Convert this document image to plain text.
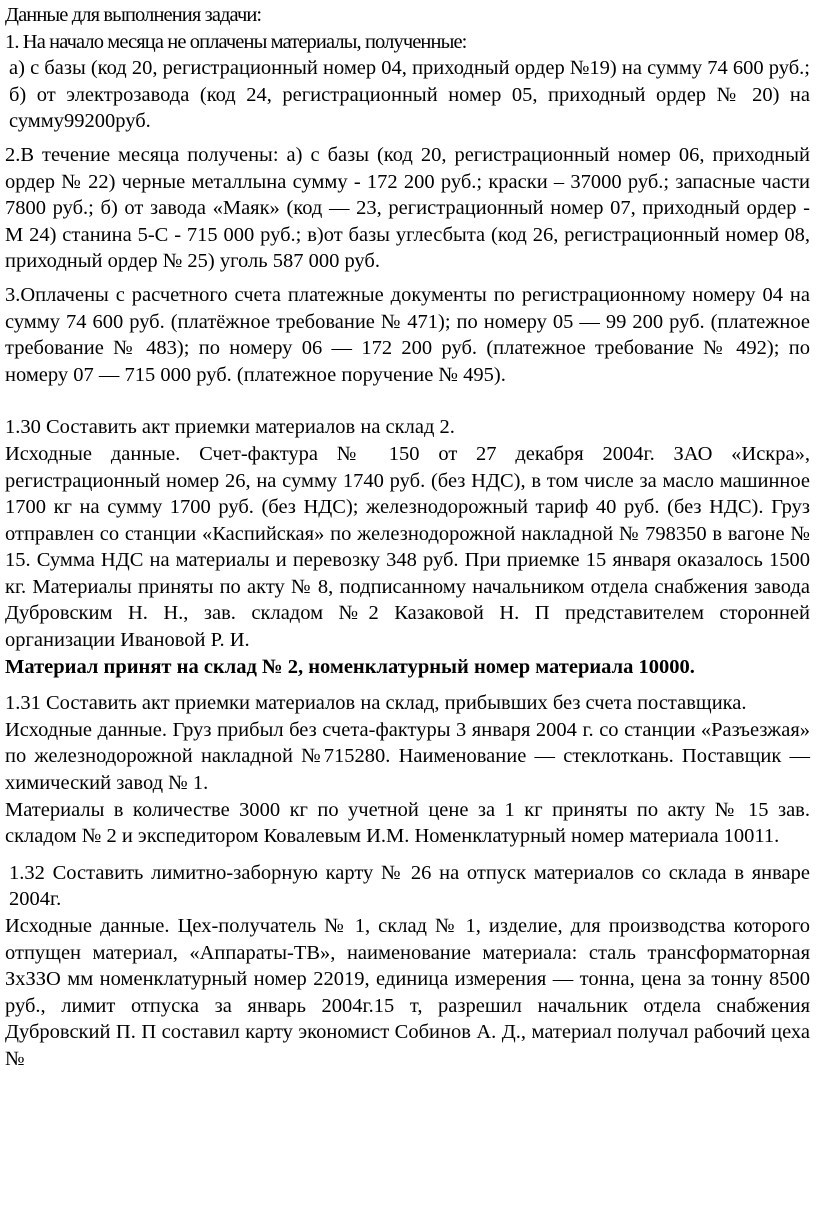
Данные для выполнения задачи:

1. На начало месяца не оплачены материалы, полученные:

а) с базы (код 20, регистрационный номер 04, приходный ордер №19) на сумму 74 600 руб.; б) от электрозавода (код 24, регистрационный номер 05, приходный ордер № 20) на сумму99200руб.

2.В течение месяца получены: а) с базы (код 20, регистрационный номер 06, приходный ордер № 22) черные металлына сумму - 172 200 руб.; краски – 37000 руб.; запасные части 7800 руб.; б) от завода «Маяк» (код — 23, регистрационный номер 07, приходный ордер - М 24) станина 5-С - 715 000 руб.; в)от базы углесбыта (код 26, регистрационный номер 08, приходный ордер № 25) уголь 587 000 руб.

3.Оплачены с расчетного счета платежные документы по регистрационному номеру 04 на сумму 74 600 руб. (платёжное требование № 471); по номеру 05 — 99 200 руб. (платежное требование № 483); по номеру 06 — 172 200 руб. (платежное требование № 492); по номеру 07 — 715 000 руб. (платежное поручение № 495).

1.30 Составить акт приемки материалов на склад 2.

Исходные данные. Счет-фактура № 150 от 27 декабря 2004г. ЗАО «Искра», регистрационный номер 26, на сумму 1740 руб. (без НДС), в том числе за масло машинное 1700 кг на сумму 1700 руб. (без НДС); железнодорожный тариф 40 руб. (без НДС). Груз отправлен со станции «Каспийская» по железнодорожной накладной № 798350 в вагоне № 15. Сумма НДС на материалы и перевозку 348 руб. При приемке 15 января оказалось 1500 кг. Материалы приняты по акту № 8, подписанному начальником отдела снабжения завода Дубровским Н. Н., зав. складом №2 Казаковой Н. П представителем сторонней организации Ивановой Р. И.

Материал принят на склад № 2, номенклатурный номер материала 10000.

1.31 Составить акт приемки материалов на склад, прибывших без счета поставщика.

Исходные данные. Груз прибыл без счета-фактуры 3 января 2004 г. со станции «Разъезжая» по железнодорожной накладной №715280. Наименование — стеклоткань. Поставщик — химический завод № 1.

Материалы в количестве 3000 кг по учетной цене за 1 кг приняты по акту № 15 зав. складом № 2 и экспедитором Ковалевым И.М. Номенклатурный номер материала 10011.

1.32 Составить лимитно-заборную карту № 26 на отпуск материалов со склада в январе 2004г.

Исходные данные. Цех-получатель № 1, склад № 1, изделие, для производства которого отпущен материал, «Аппараты-ТВ», наименование материала: сталь трансформаторная ЗхЗЗО мм номенклатурный номер 22019, единица измерения — тонна, цена за тонну 8500 руб., лимит отпуска за январь 2004г.15 т, разрешил начальник отдела снабжения Дубровский П. П составил карту экономист Собинов А. Д., материал получал рабочий цеха №
